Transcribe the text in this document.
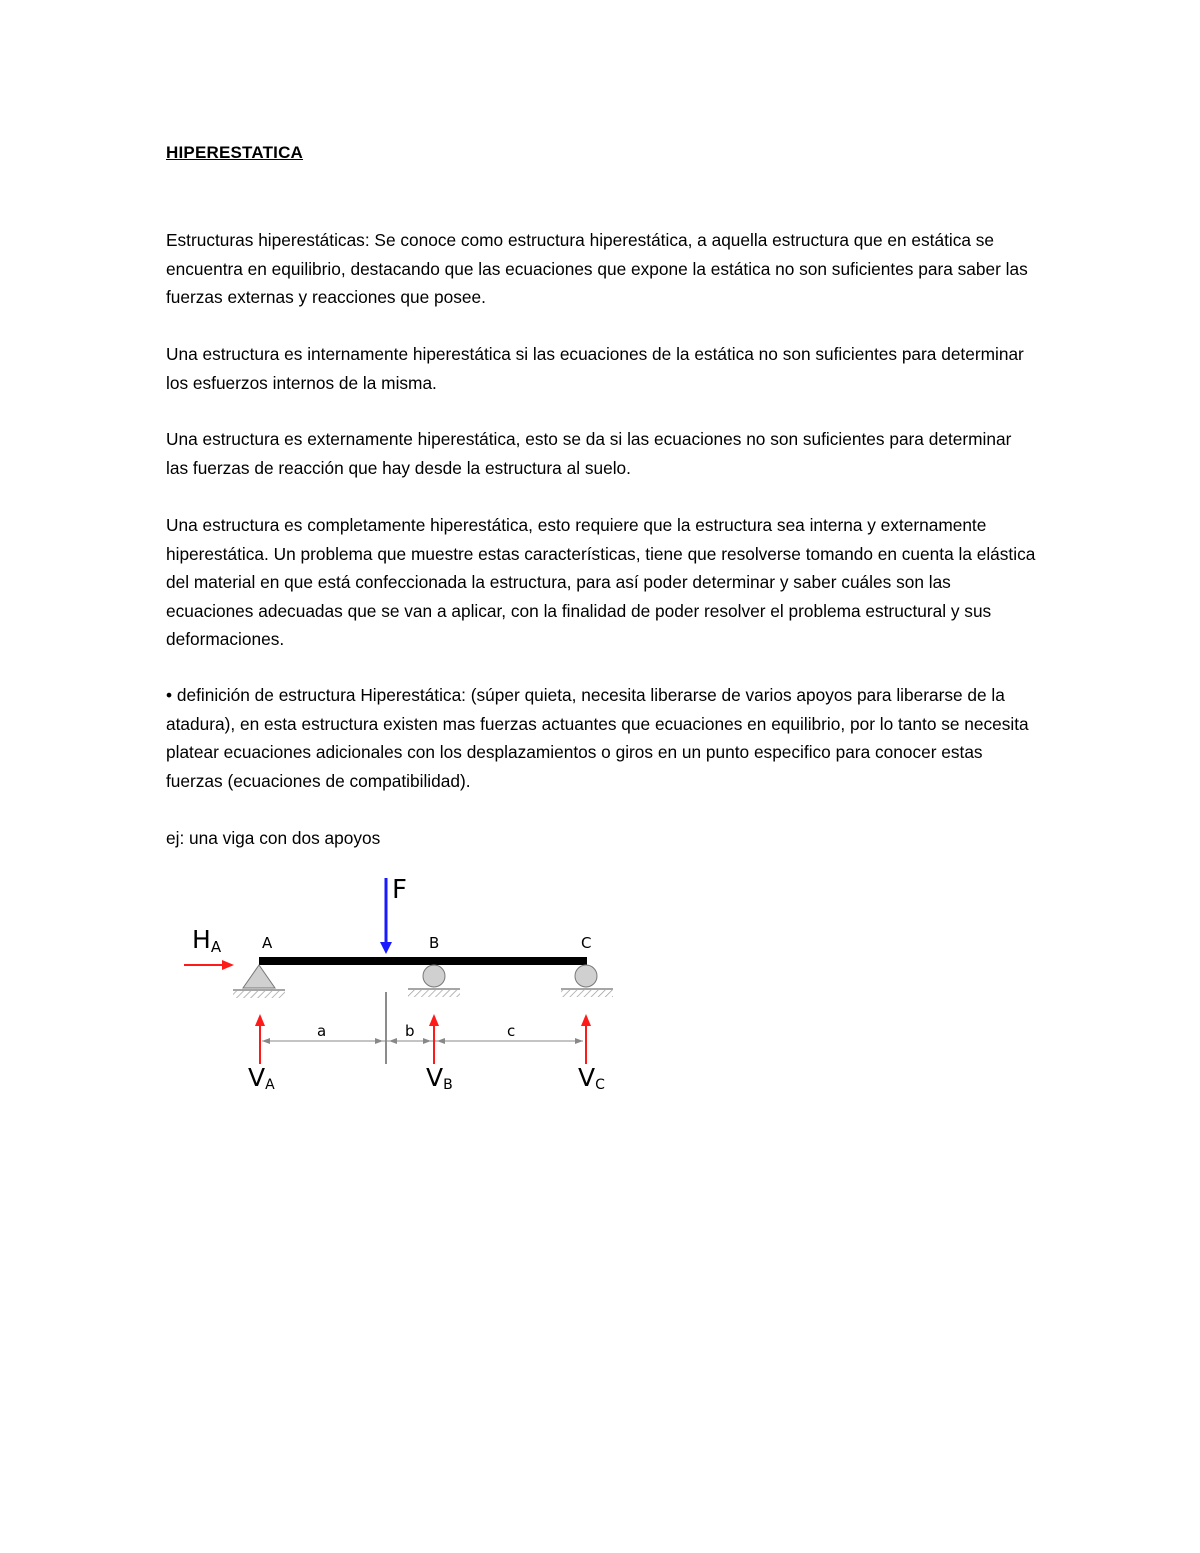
HIPERESTATICA
Estructuras hiperestáticas: Se conoce como estructura hiperestática, a aquella estructura que en estática se encuentra en equilibrio, destacando que las ecuaciones que expone la estática no son suficientes para saber las fuerzas externas y reacciones que posee.
Una estructura es internamente hiperestática si las ecuaciones de la estática no son suficientes para determinar los esfuerzos internos de la misma.
Una estructura es externamente hiperestática, esto se da si las ecuaciones no son suficientes para determinar las fuerzas de reacción que hay desde la estructura al suelo.
Una estructura es completamente hiperestática, esto requiere que la estructura sea interna y externamente hiperestática. Un problema que muestre estas características, tiene que resolverse tomando en cuenta la elástica del material en que está confeccionada la estructura, para así poder determinar y saber cuáles son las ecuaciones adecuadas que se van a aplicar, con la finalidad de poder resolver el problema estructural y sus deformaciones.
• definición de estructura Hiperestática: (súper quieta, necesita liberarse de varios apoyos para liberarse de la atadura), en esta estructura existen mas fuerzas actuantes que ecuaciones en equilibrio, por lo tanto se necesita platear ecuaciones adicionales con los desplazamientos o giros en un punto especifico para conocer estas fuerzas (ecuaciones de compatibilidad).
ej: una viga con dos apoyos
F
HA	A	B	C
a	b	c
VA	VB	VC
